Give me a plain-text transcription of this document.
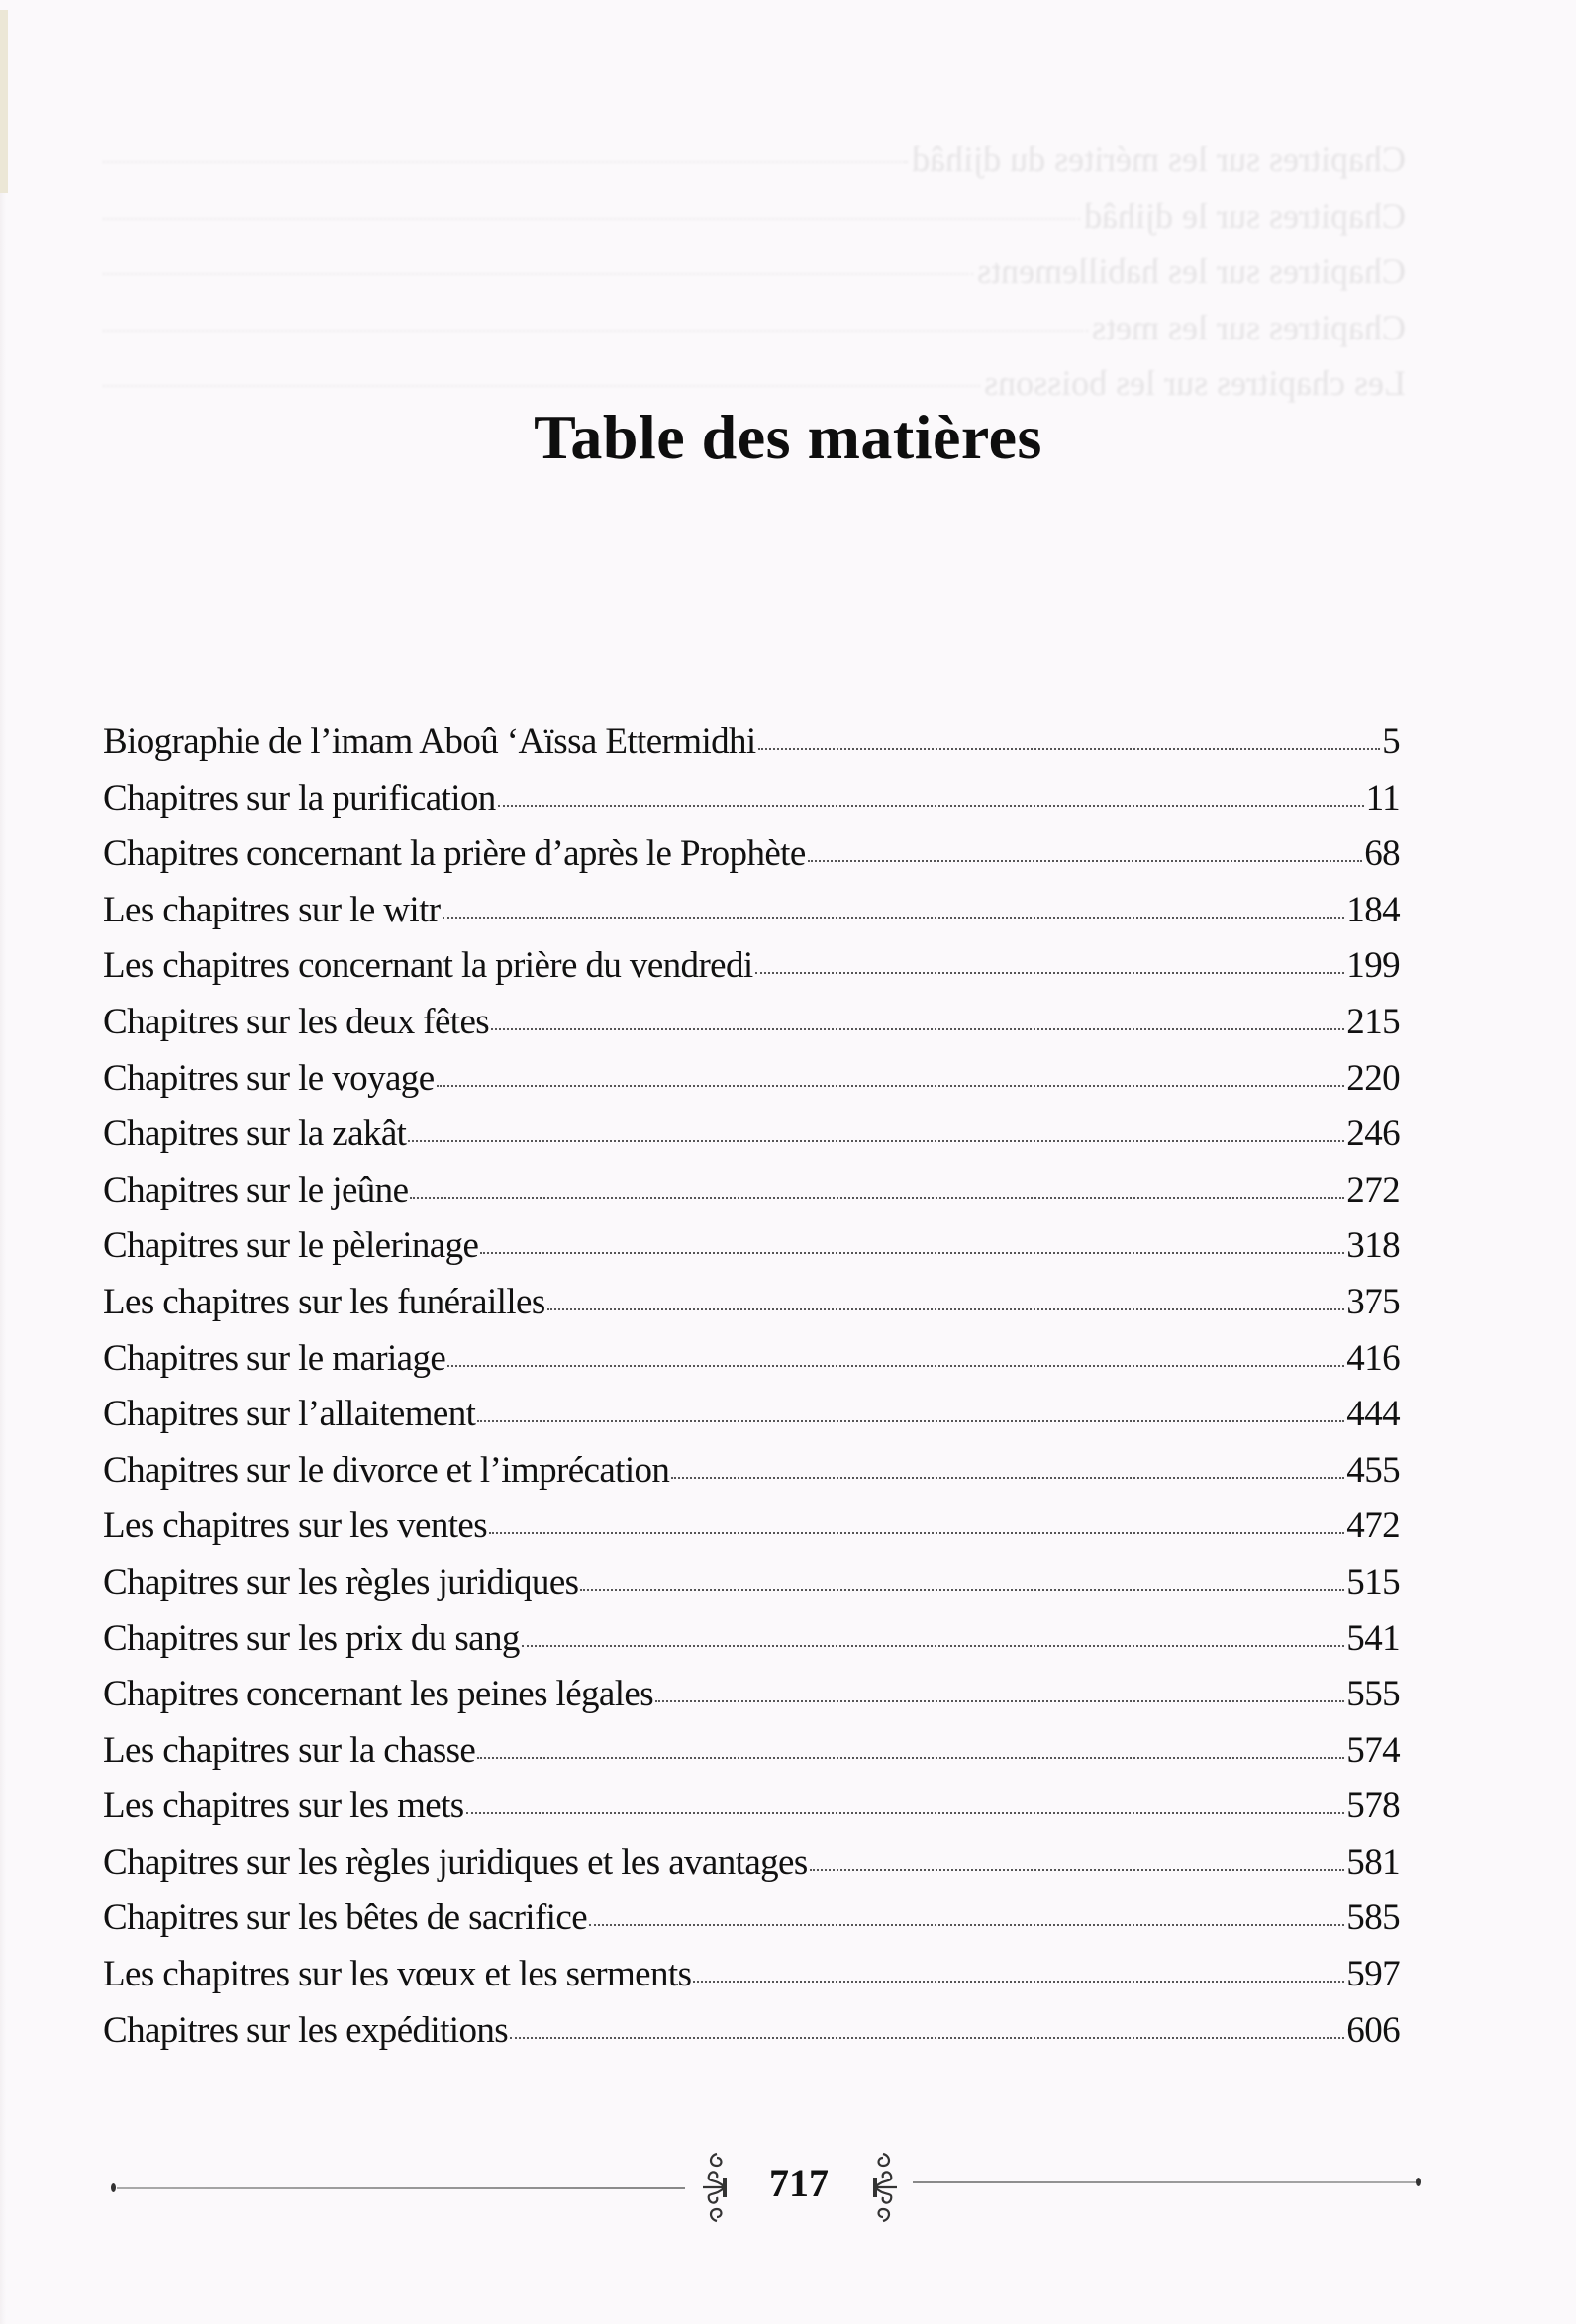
Chapitres sur les mérites du djihâd
Chapitres sur le djihâd
Chapitres sur les habillements
Chapitres sur les mets
Les chapitres sur les boissons
Table des matières
Biographie de l’imam Aboû ‘Aïssa Ettermidhi	5
Chapitres sur la purification	11
Chapitres concernant la prière d’après le Prophète	68
Les chapitres sur le witr	184
Les chapitres concernant la prière du vendredi	199
Chapitres sur les deux fêtes	215
Chapitres sur le voyage	220
Chapitres sur la zakât	246
Chapitres sur le jeûne	272
Chapitres sur le pèlerinage	318
Les chapitres sur les funérailles	375
Chapitres sur le mariage	416
Chapitres sur l’allaitement	444
Chapitres sur le divorce et l’imprécation	455
Les chapitres sur les ventes	472
Chapitres sur les règles juridiques	515
Chapitres sur les prix du sang	541
Chapitres concernant les peines légales	555
Les chapitres sur la chasse	574
Les chapitres sur les mets	578
Chapitres sur les règles juridiques et les avantages	581
Chapitres sur les bêtes de sacrifice	585
Les chapitres sur les vœux et les serments	597
Chapitres sur les expéditions	606
717
